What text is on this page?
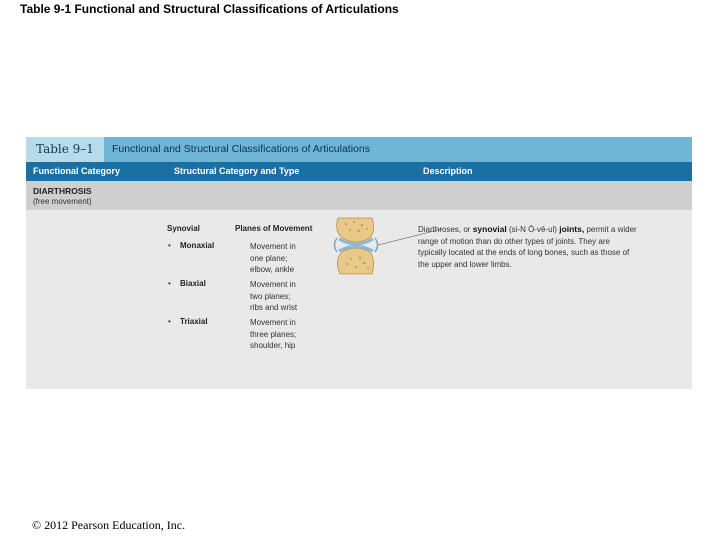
Table 9-1 Functional and Structural Classifications of Articulations
Table 9–1 Functional and Structural Classifications of Articulations
Functional Category	Structural Category and Type	Description
DIARTHROSIS
(free movement)
Synovial	Planes of Movement
• Monaxial	Movement in
one plane;
elbow, ankle
• Biaxial	Movement in
two planes;
ribs and wrist
• Triaxial	Movement in
three planes;
shoulder, hip
Diarthroses, or synovial (si-N Ō-vē-ul) joints, permit a wider
range of motion than do other types of joints. They are
typically located at the ends of long bones, such as those of
the upper and lower limbs.
© 2012 Pearson Education, Inc.
